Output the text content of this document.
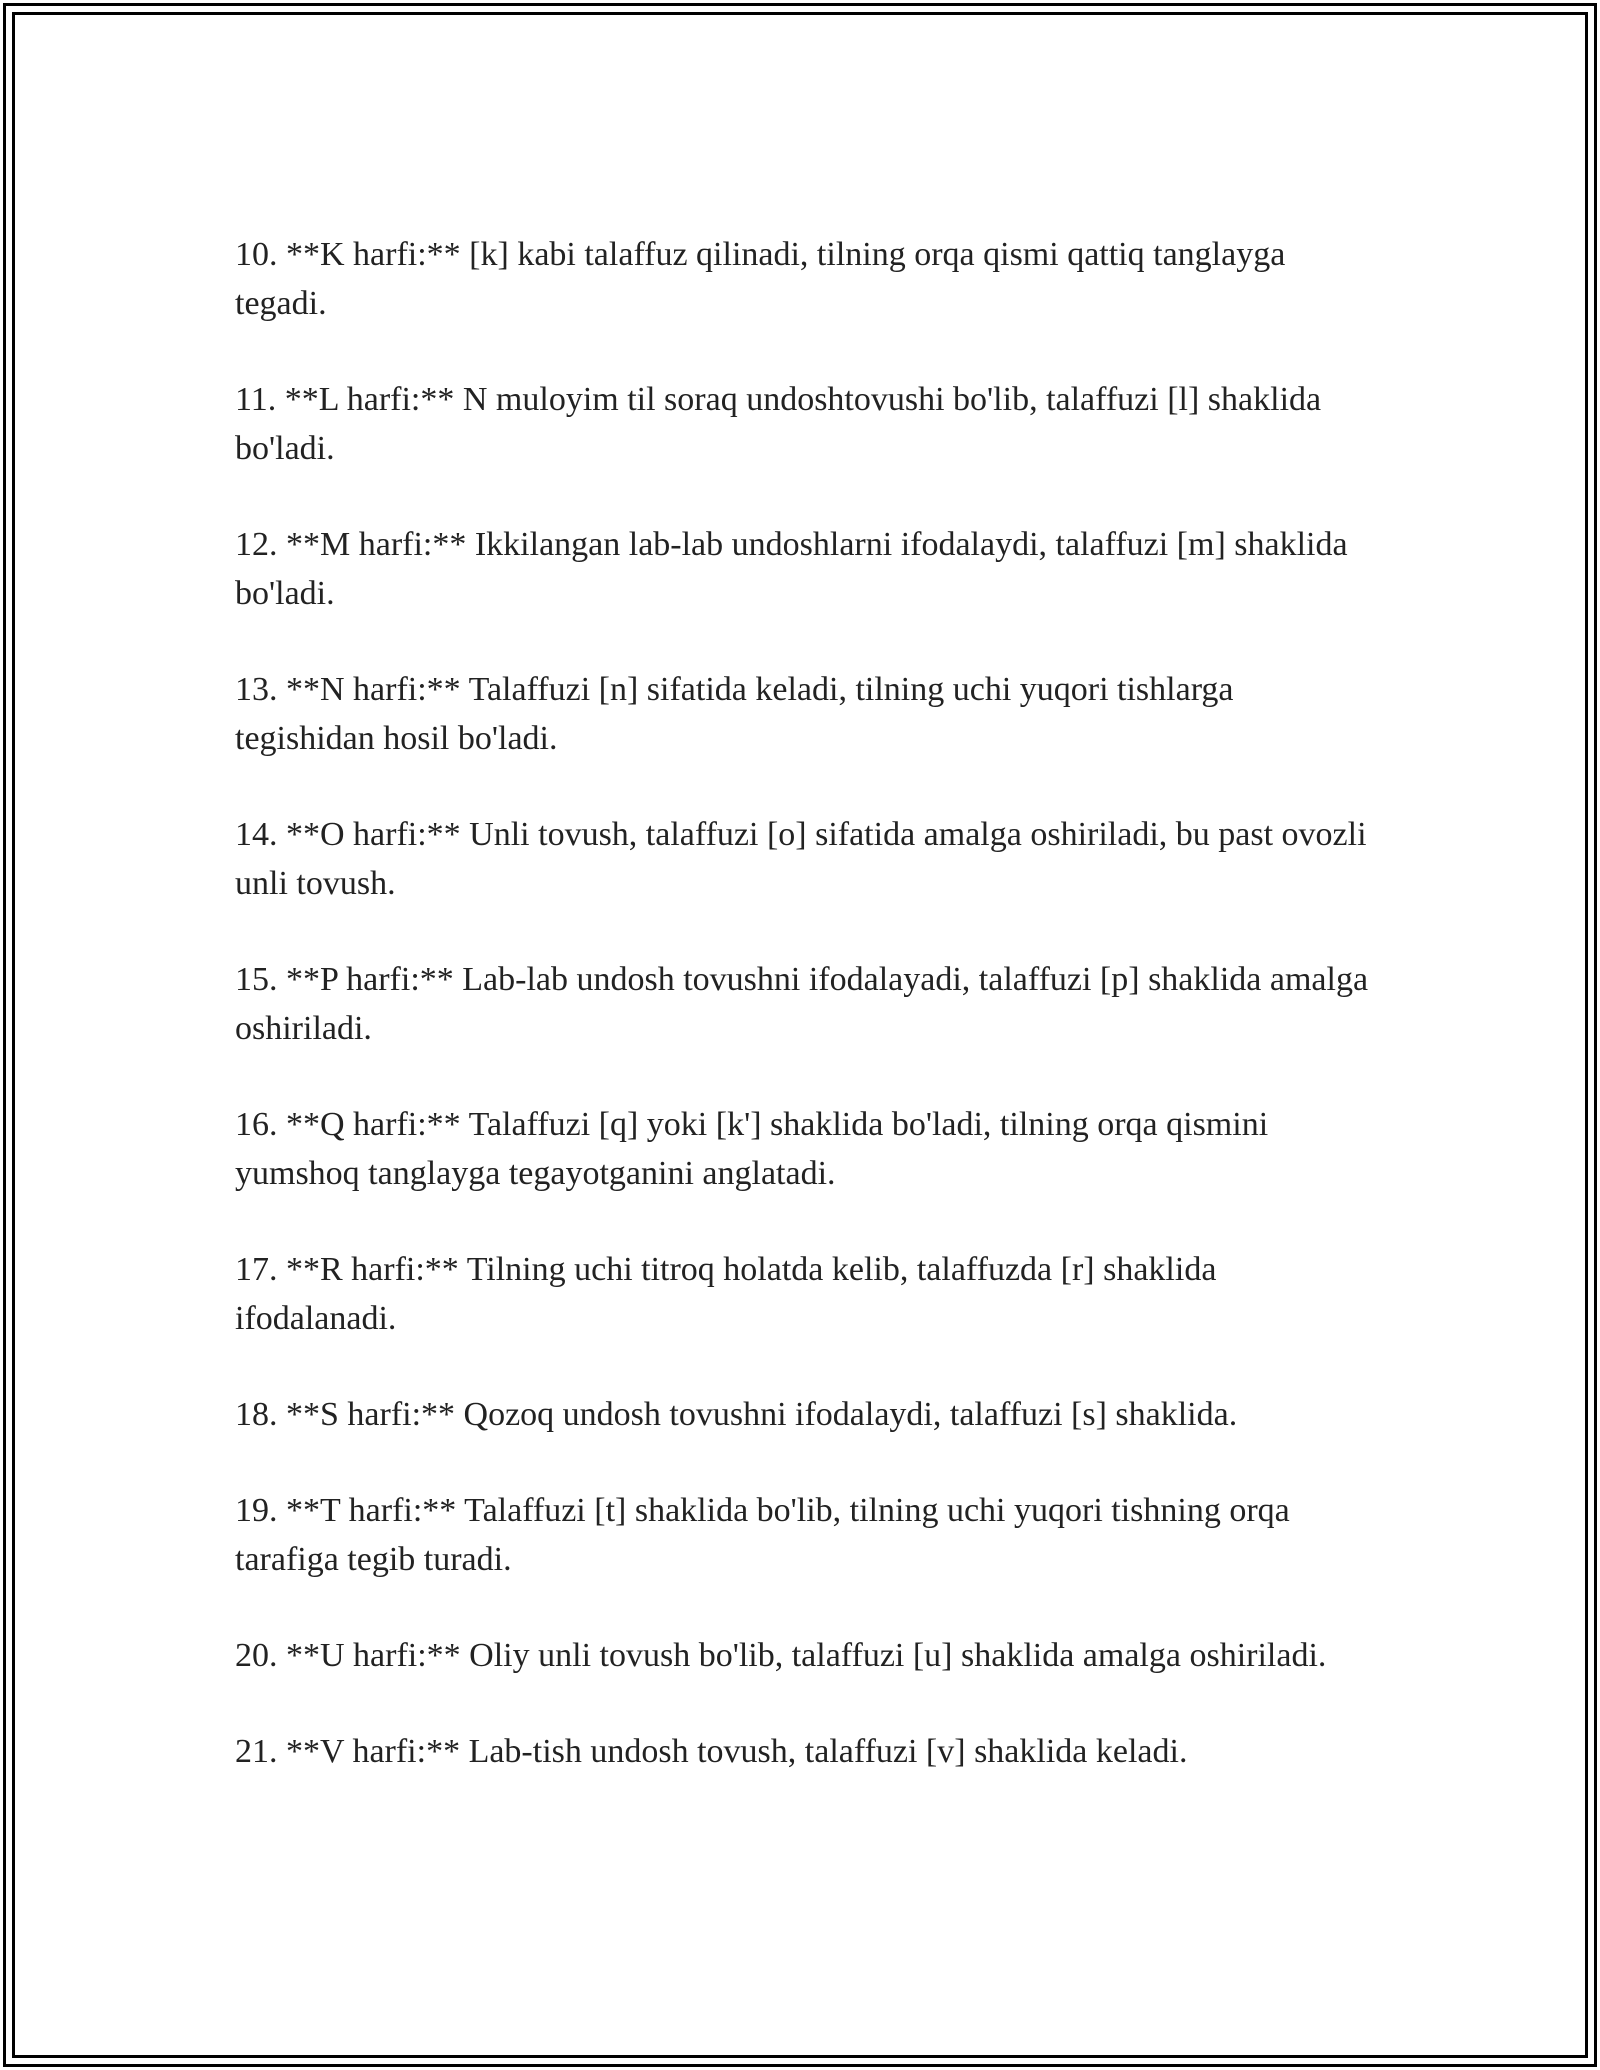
10. **K harfi:** [k] kabi talaffuz qilinadi, tilning orqa qismi qattiq tanglayga tegadi.

11. **L harfi:** N muloyim til soraq undoshtovushi bo'lib, talaffuzi [l] shaklida bo'ladi.

12. **M harfi:** Ikkilangan lab-lab undoshlarni ifodalaydi, talaffuzi [m] shaklida bo'ladi.

13. **N harfi:** Talaffuzi [n] sifatida keladi, tilning uchi yuqori tishlarga tegishidan hosil bo'ladi.

14. **O harfi:** Unli tovush, talaffuzi [o] sifatida amalga oshiriladi, bu past ovozli unli tovush.

15. **P harfi:** Lab-lab undosh tovushni ifodalayadi, talaffuzi [p] shaklida amalga oshiriladi.

16. **Q harfi:** Talaffuzi [q] yoki [k'] shaklida bo'ladi, tilning orqa qismini yumshoq tanglayga tegayotganini anglatadi.

17. **R harfi:** Tilning uchi titroq holatda kelib, talaffuzda [r] shaklida ifodalanadi.

18. **S harfi:** Qozoq undosh tovushni ifodalaydi, talaffuzi [s] shaklida.

19. **T harfi:** Talaffuzi [t] shaklida bo'lib, tilning uchi yuqori tishning orqa tarafiga tegib turadi.

20. **U harfi:** Oliy unli tovush bo'lib, talaffuzi [u] shaklida amalga oshiriladi.

21. **V harfi:** Lab-tish undosh tovush, talaffuzi [v] shaklida keladi.
